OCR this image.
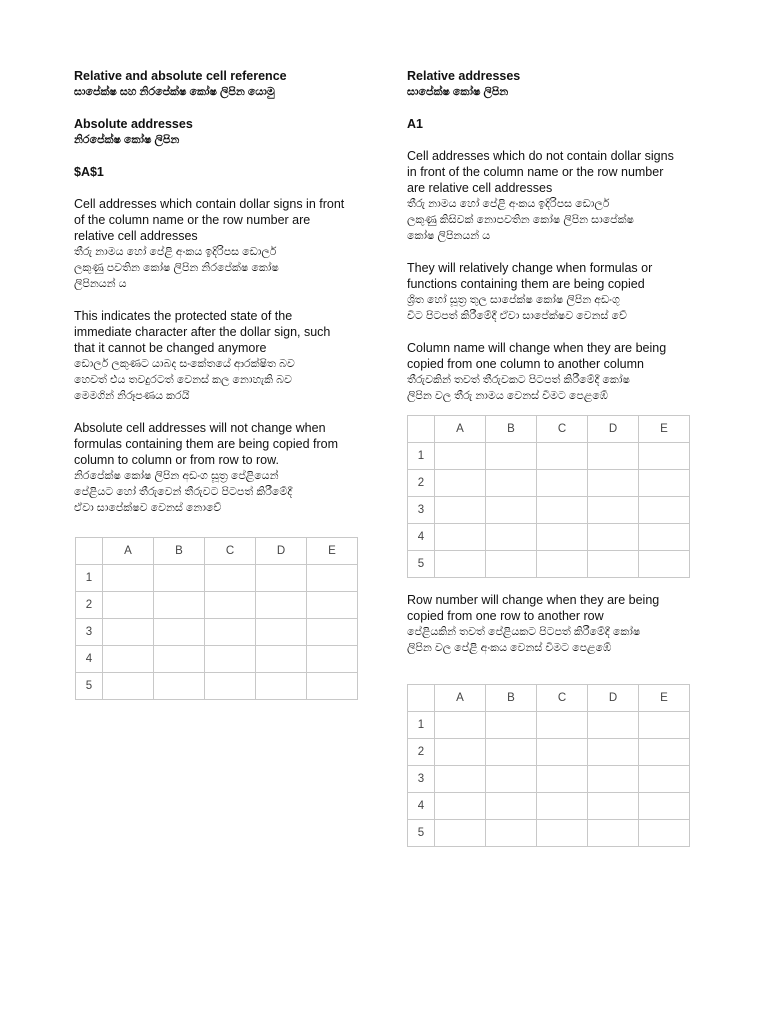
Relative and absolute cell reference
සාපේක්ෂ සහ නිරපේක්ෂ කෝෂ ලිපින යොමු
Absolute addresses
නිරපේක්ෂ කෝෂ ලිපින
$A$1
Cell addresses which contain dollar signs in front
of the column name or the row number are
relative cell addresses
තීරු නාමය හෝ පේළි අංකය ඉදිරිපස ඩොලර්
ලකුණු පවතින කෝෂ ලිපින නිරපේක්ෂ කෝෂ
ලිපිනයන් ය
This indicates the protected state of the
immediate character after the dollar sign, such
that it cannot be changed anymore
ඩොලර් ලකුණට යාබද සංකේතයේ ආරක්ෂිත බව
හෙවත් එය තවදුරටත් වෙනස් කල නොහැකි බව
මෙමගින් නිරූපණය කරයි
Absolute cell addresses will not change when
formulas containing them are being copied from
column to column or from row to row.
නිරපේක්ෂ කෝෂ ලිපින අඩංග සූත්‍ර පේළියෙන්
පේළියට හෝ තීරුවෙන් තීරුවට පිටපත් කිරීමේදී
ඒවා සාපේක්ෂව වෙනස් නොවේ
Relative addresses
සාපේක්ෂ කෝෂ ලිපින
A1
Cell addresses which do not contain dollar signs
in front of the column name or the row number
are relative cell addresses
තීරු නාමය හෝ පේළි අංකය ඉදිරිපස ඩොලර්
ලකුණු කිසිවක් නොපවතින කෝෂ ලිපින සාපේක්ෂ
කෝෂ ලිපිනයන් ය
They will relatively change when formulas or
functions containing them are being copied
ශ්‍රිත හෝ සූත්‍ර තුල සාපේක්ෂ කෝෂ ලිපින අඩංගු
විට පිටපත් කිරීමේදී ඒවා සාපේක්ෂව වෙනස් වේ
Column name will change when they are being
copied from one column to another column
තීරුවකින් තවත් තීරුවකට පිටපත් කිරීමේදී කෝෂ
ලිපින වල තීරු නාමය වෙනස් වීමට පෙළඹේ
Row number will change when they are being
copied from one row to another row
පේළියකින් තවත් පේළියකට පිටපත් කිරීමේදී කෝෂ
ලිපින වල පේළි අංකය වෙනස් වීමට පෙළඹේ
	A	B	C	D	E
1					
2					
3					
4					
5					
	A	B	C	D	E
1					
2					
3					
4					
5					
	A	B	C	D	E
1					
2					
3					
4					
5					
